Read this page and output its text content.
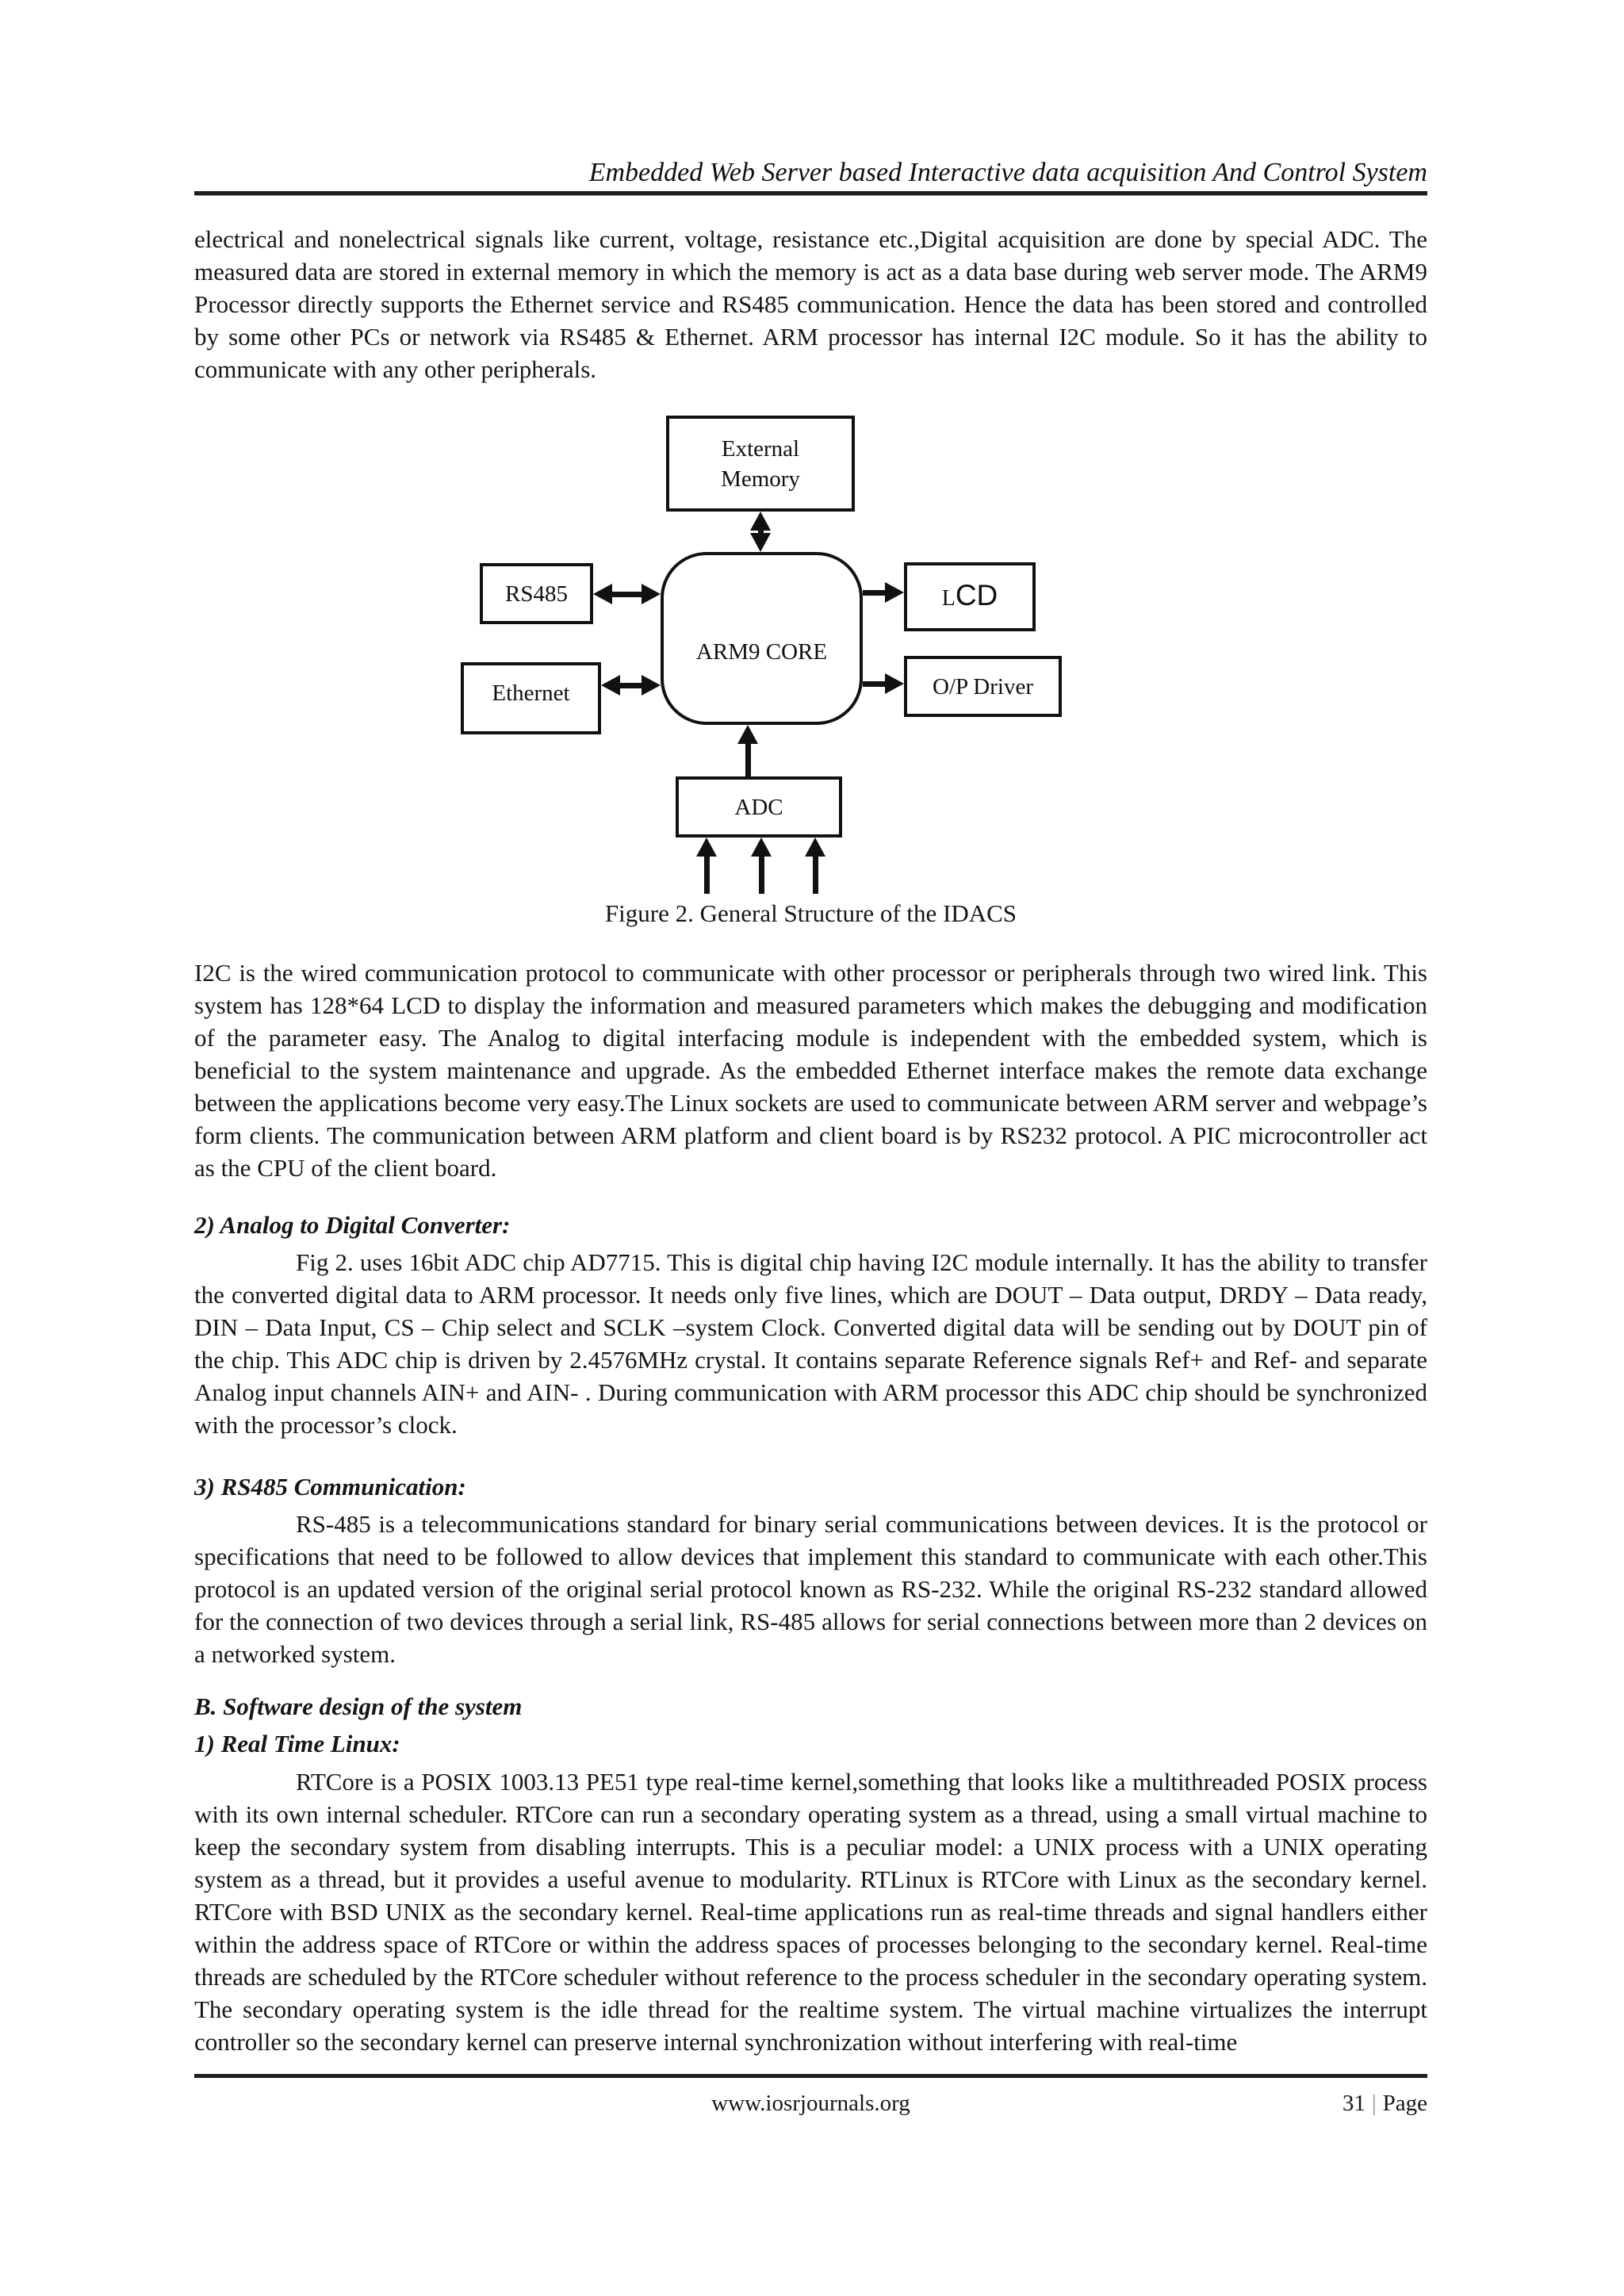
Embedded Web Server based Interactive data acquisition And Control System

electrical and nonelectrical signals like current, voltage, resistance etc.,Digital acquisition are done by special ADC. The measured data are stored in external memory in which the memory is act as a data base during web server mode. The ARM9 Processor directly supports the Ethernet service and RS485 communication. Hence the data has been stored and controlled by some other PCs or network via RS485 & Ethernet. ARM processor has internal I2C module. So it has the ability to communicate with any other peripherals.

External Memory
ARM9 CORE
RS485
Ethernet
LCD
O/P Driver
ADC
Figure 2. General Structure of the IDACS

I2C is the wired communication protocol to communicate with other processor or peripherals through two wired link. This system has 128*64 LCD to display the information and measured parameters which makes the debugging and modification of the parameter easy. The Analog to digital interfacing module is independent with the embedded system, which is beneficial to the system maintenance and upgrade. As the embedded Ethernet interface makes the remote data exchange between the applications become very easy.The Linux sockets are used to communicate between ARM server and webpage’s form clients. The communication between ARM platform and client board is by RS232 protocol. A PIC microcontroller act as the CPU of the client board.

2) Analog to Digital Converter:

Fig 2. uses 16bit ADC chip AD7715. This is digital chip having I2C module internally. It has the ability to transfer the converted digital data to ARM processor. It needs only five lines, which are DOUT – Data output, DRDY – Data ready, DIN – Data Input, CS – Chip select and SCLK –system Clock. Converted digital data will be sending out by DOUT pin of the chip. This ADC chip is driven by 2.4576MHz crystal. It contains separate Reference signals Ref+ and Ref- and separate Analog input channels AIN+ and AIN- . During communication with ARM processor this ADC chip should be synchronized with the processor’s clock.

3) RS485 Communication:

RS-485 is a telecommunications standard for binary serial communications between devices. It is the protocol or specifications that need to be followed to allow devices that implement this standard to communicate with each other.This protocol is an updated version of the original serial protocol known as RS-232. While the original RS-232 standard allowed for the connection of two devices through a serial link, RS-485 allows for serial connections between more than 2 devices on a networked system.

B. Software design of the system
1) Real Time Linux:

RTCore is a POSIX 1003.13 PE51 type real-time kernel,something that looks like a multithreaded POSIX process with its own internal scheduler. RTCore can run a secondary operating system as a thread, using a small virtual machine to keep the secondary system from disabling interrupts. This is a peculiar model: a UNIX process with a UNIX operating system as a thread, but it provides a useful avenue to modularity. RTLinux is RTCore with Linux as the secondary kernel. RTCore with BSD UNIX as the secondary kernel. Real-time applications run as real-time threads and signal handlers either within the address space of RTCore or within the address spaces of processes belonging to the secondary kernel. Real-time threads are scheduled by the RTCore scheduler without reference to the process scheduler in the secondary operating system. The secondary operating system is the idle thread for the realtime system. The virtual machine virtualizes the interrupt controller so the secondary kernel can preserve internal synchronization without interfering with real-time

www.iosrjournals.org	31 | Page
